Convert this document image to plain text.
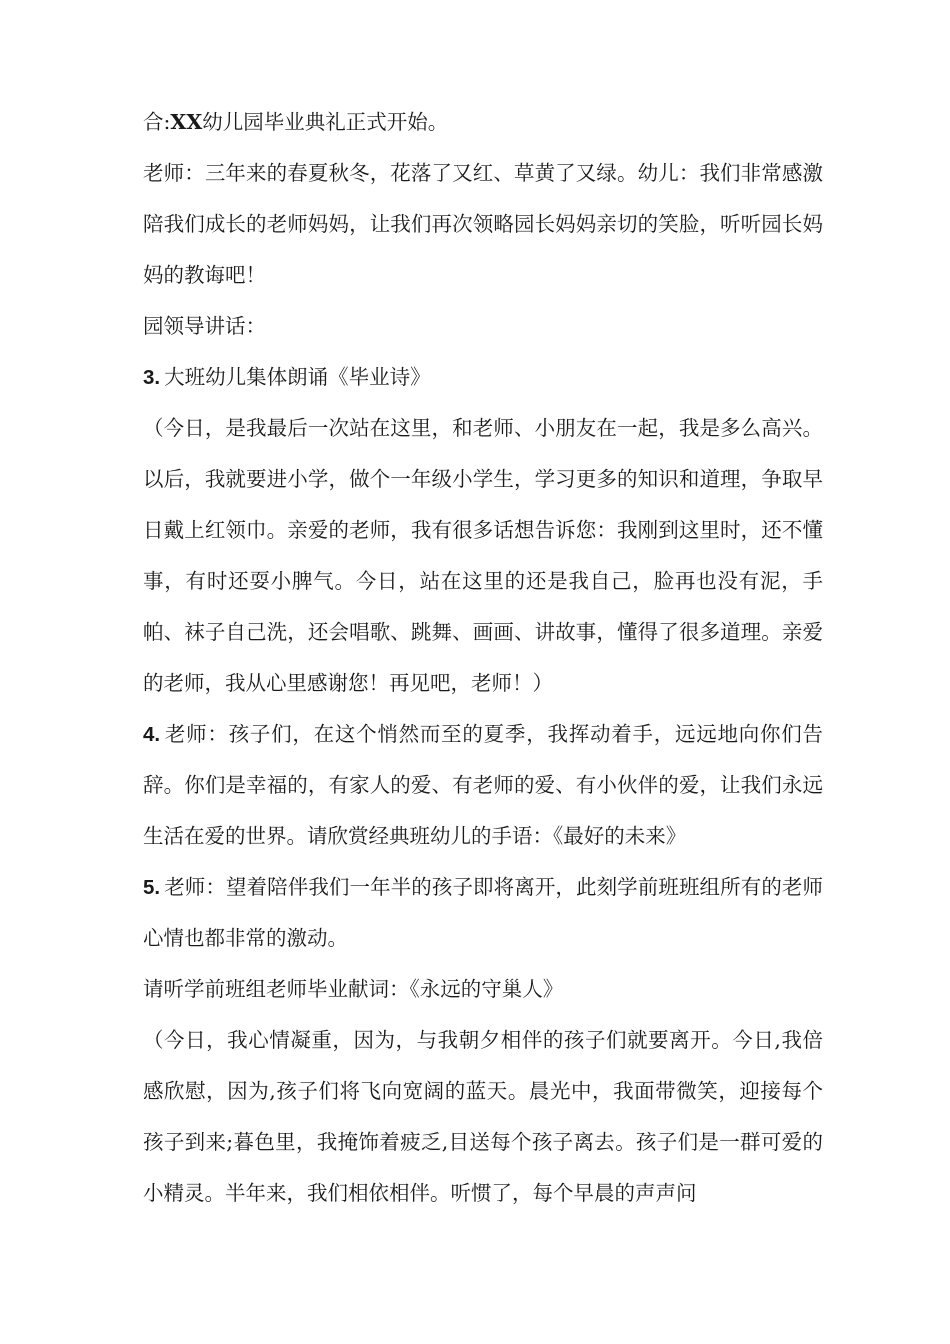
合:XX幼儿园毕业典礼正式开始。

老师：三年来的春夏秋冬，花落了又红、草黄了又绿。幼儿：我们非常感激陪我们成长的老师妈妈，让我们再次领略园长妈妈亲切的笑脸，听听园长妈妈的教诲吧！

园领导讲话：

3. 大班幼儿集体朗诵《毕业诗》

（今日，是我最后一次站在这里，和老师、小朋友在一起，我是多么高兴。以后，我就要进小学，做个一年级小学生，学习更多的知识和道理，争取早日戴上红领巾。亲爱的老师，我有很多话想告诉您：我刚到这里时，还不懂事，有时还耍小脾气。今日，站在这里的还是我自己，脸再也没有泥，手帕、袜子自己洗，还会唱歌、跳舞、画画、讲故事，懂得了很多道理。亲爱的老师，我从心里感谢您！再见吧，老师！）

4. 老师：孩子们，在这个悄然而至的夏季，我挥动着手，远远地向你们告辞。你们是幸福的，有家人的爱、有老师的爱、有小伙伴的爱，让我们永远生活在爱的世界。请欣赏经典班幼儿的手语：《最好的未来》

5. 老师：望着陪伴我们一年半的孩子即将离开，此刻学前班班组所有的老师心情也都非常的激动。

请听学前班组老师毕业献词：《永远的守巢人》

（今日，我心情凝重，因为，与我朝夕相伴的孩子们就要离开。今日,我倍感欣慰，因为,孩子们将飞向宽阔的蓝天。晨光中，我面带微笑，迎接每个孩子到来;暮色里，我掩饰着疲乏,目送每个孩子离去。孩子们是一群可爱的小精灵。半年来，我们相依相伴。听惯了，每个早晨的声声问
